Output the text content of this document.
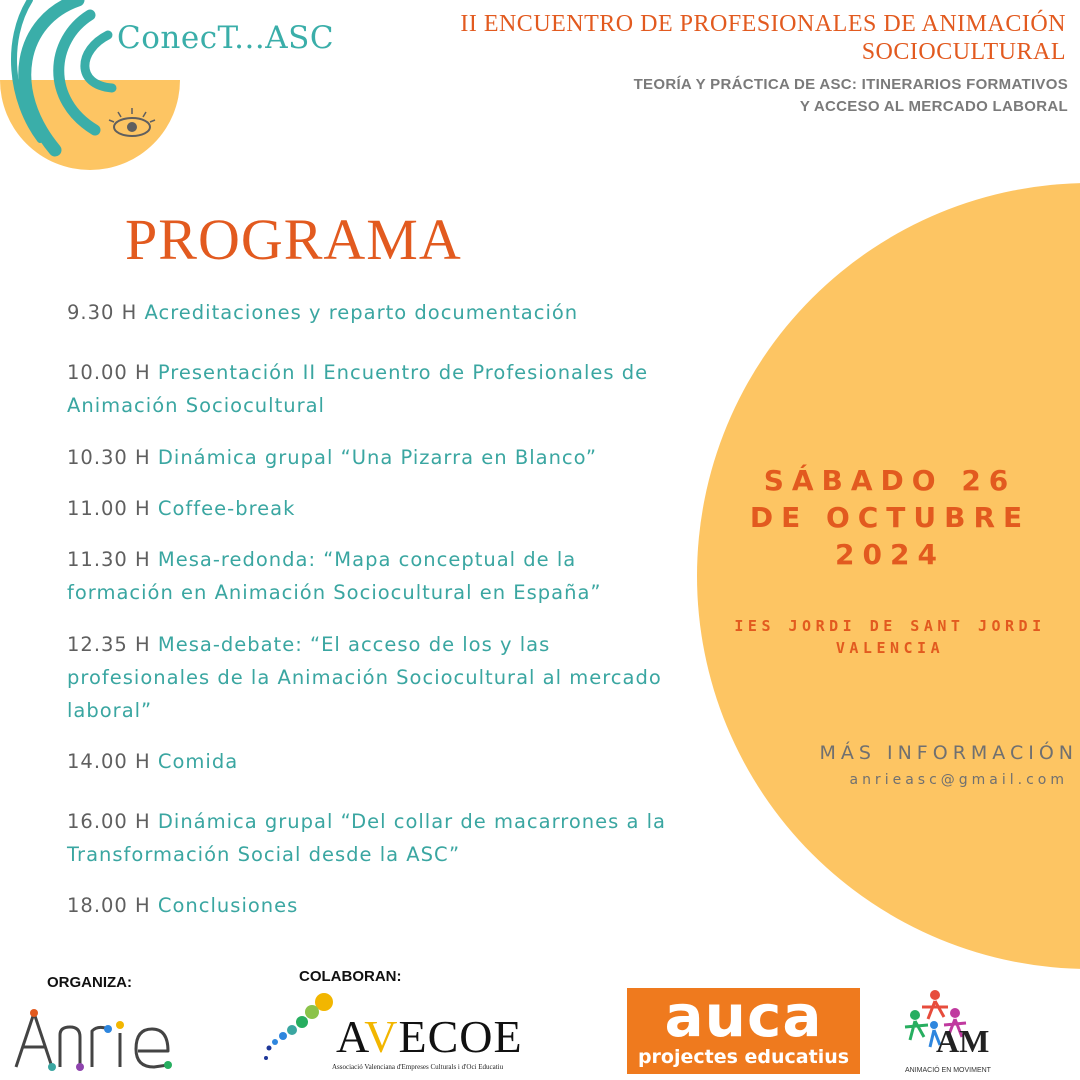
ConecT...ASC	II ENCUENTRO DE PROFESIONALES DE ANIMACIÓN
SOCIOCULTURAL
TEORÍA Y PRÁCTICA DE ASC: ITINERARIOS FORMATIVOS
Y ACCESO AL MERCADO LABORAL
PROGRAMA
9.30 H Acreditaciones y reparto documentación
10.00 H Presentación II Encuentro de Profesionales de Animación Sociocultural
10.30 H Dinámica grupal “Una Pizarra en Blanco”
11.00 H Coffee-break
11.30 H Mesa-redonda: “Mapa conceptual de la formación en Animación Sociocultural en España”
12.35 H Mesa-debate: “El acceso de los y las profesionales de la Animación Sociocultural al mercado laboral”
14.00 H Comida
16.00 H Dinámica grupal “Del collar de macarrones a la Transformación Social desde la ASC”
18.00 H Conclusiones
SÁBADO 26
DE OCTUBRE
2024
IES JORDI DE SANT JORDI
VALENCIA
MÁS INFORMACIÓN
anrieasc@gmail.com
ORGANIZA:	COLABORAN:
AVECOE
Associació Valenciana d'Empreses Culturals i d'Oci Educatiu
auca
projectes educatius	AM
ANIMACIÓ EN MOVIMENT
